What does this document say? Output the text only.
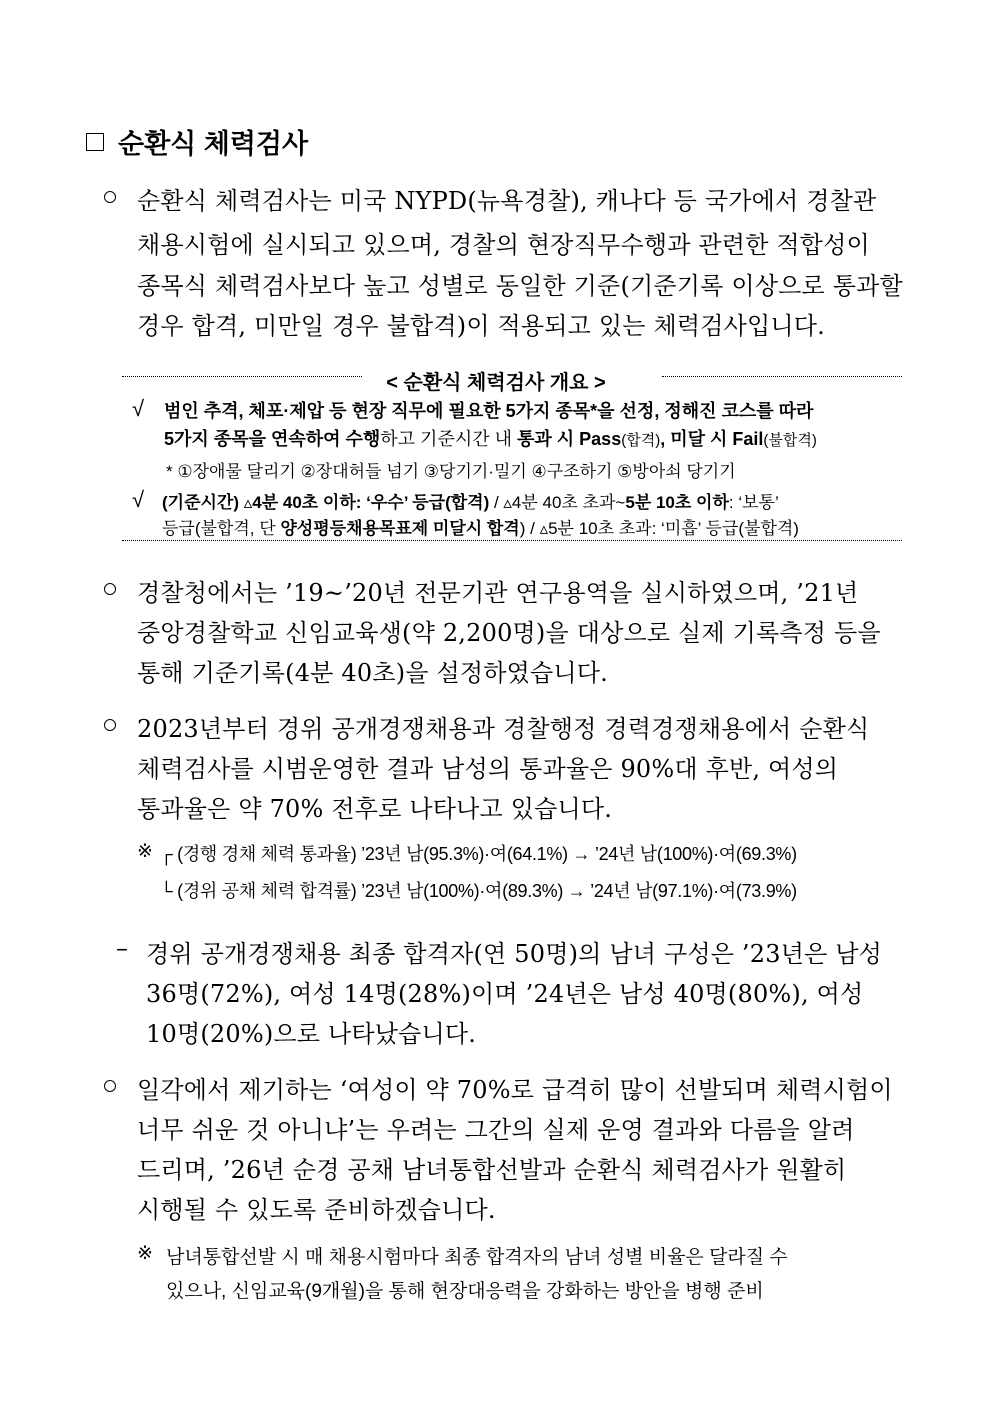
순환식 체력검사
순환식 체력검사는 미국 NYPD(뉴욕경찰), 캐나다 등 국가에서 경찰관
채용시험에 실시되고 있으며, 경찰의 현장직무수행과 관련한 적합성이
종목식 체력검사보다 높고 성별로 동일한 기준(기준기록 이상으로 통과할
경우 합격, 미만일 경우 불합격)이 적용되고 있는 체력검사입니다.
< 순환식 체력검사 개요 >
√ 범인 추격, 체포·제압 등 현장 직무에 필요한 5가지 종목*을 선정, 정해진 코스를 따라
5가지 종목을 연속하여 수행하고 기준시간 내 통과 시 Pass(합격), 미달 시 Fail(불합격)
* ①장애물 달리기 ②장대허들 넘기 ③당기기·밀기 ④구조하기 ⑤방아쇠 당기기
√ (기준시간) ▵4분 40초 이하: ‘우수’ 등급(합격) / ▵4분 40초 초과~5분 10초 이하: ‘보통’
등급(불합격, 단 양성평등채용목표제 미달시 합격) / ▵5분 10초 초과: ‘미흡’ 등급(불합격)
경찰청에서는 ’19~’20년 전문기관 연구용역을 실시하였으며, ’21년
중앙경찰학교 신임교육생(약 2,200명)을 대상으로 실제 기록측정 등을
통해 기준기록(4분 40초)을 설정하였습니다.
2023년부터 경위 공개경쟁채용과 경찰행정 경력경쟁채용에서 순환식
체력검사를 시범운영한 결과 남성의 통과율은 90%대 후반, 여성의
통과율은 약 70% 전후로 나타나고 있습니다.
※ ┌ (경행 경채 체력 통과율) ’23년 남(95.3%)·여(64.1%) → ’24년 남(100%)·여(69.3%)
└ (경위 공채 체력 합격률) ’23년 남(100%)·여(89.3%) → ’24년 남(97.1%)·여(73.9%)
– 경위 공개경쟁채용 최종 합격자(연 50명)의 남녀 구성은 ’23년은 남성
36명(72%), 여성 14명(28%)이며 ’24년은 남성 40명(80%), 여성
10명(20%)으로 나타났습니다.
일각에서 제기하는 ‘여성이 약 70%로 급격히 많이 선발되며 체력시험이
너무 쉬운 것 아니냐’는 우려는 그간의 실제 운영 결과와 다름을 알려
드리며, ’26년 순경 공채 남녀통합선발과 순환식 체력검사가 원활히
시행될 수 있도록 준비하겠습니다.
※ 남녀통합선발 시 매 채용시험마다 최종 합격자의 남녀 성별 비율은 달라질 수
있으나, 신임교육(9개월)을 통해 현장대응력을 강화하는 방안을 병행 준비
